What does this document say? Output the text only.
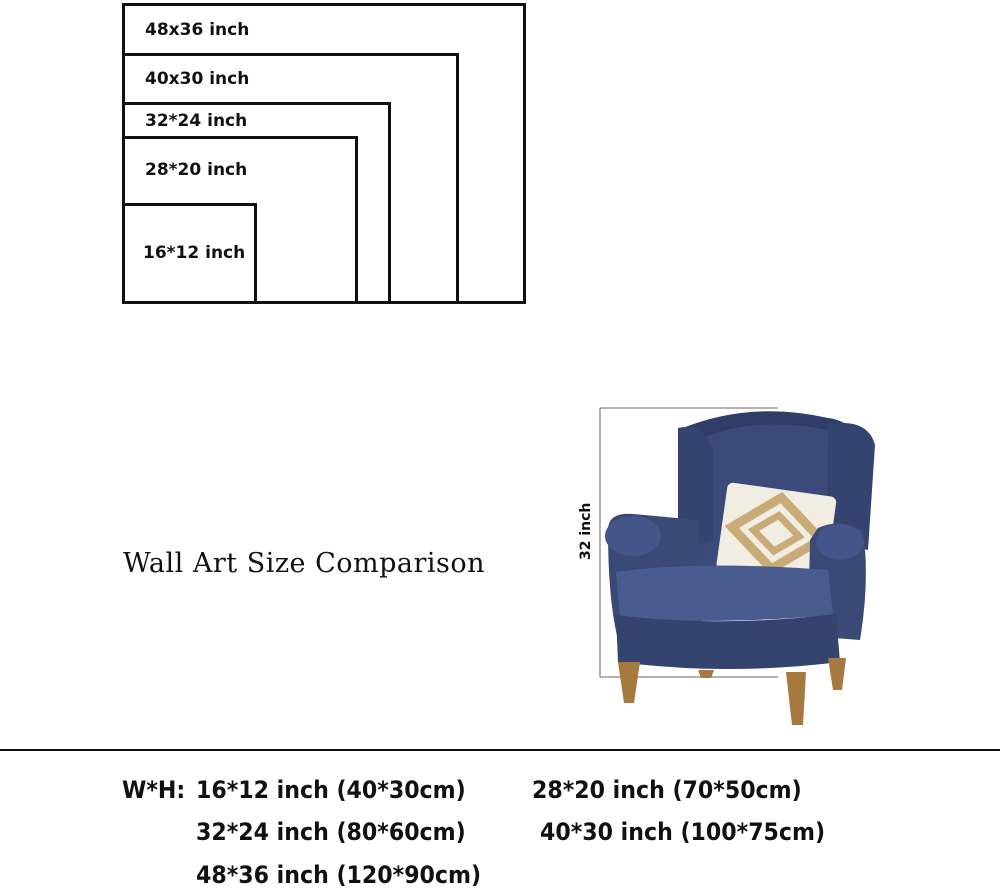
48x36 inch
40x30 inch
32*24 inch
28*20 inch
16*12 inch
Wall Art Size Comparison
32 inch
W*H: 16*12 inch (40*30cm)	28*20 inch (70*50cm)
32*24 inch (80*60cm)	40*30 inch (100*75cm)
48*36 inch (120*90cm)
